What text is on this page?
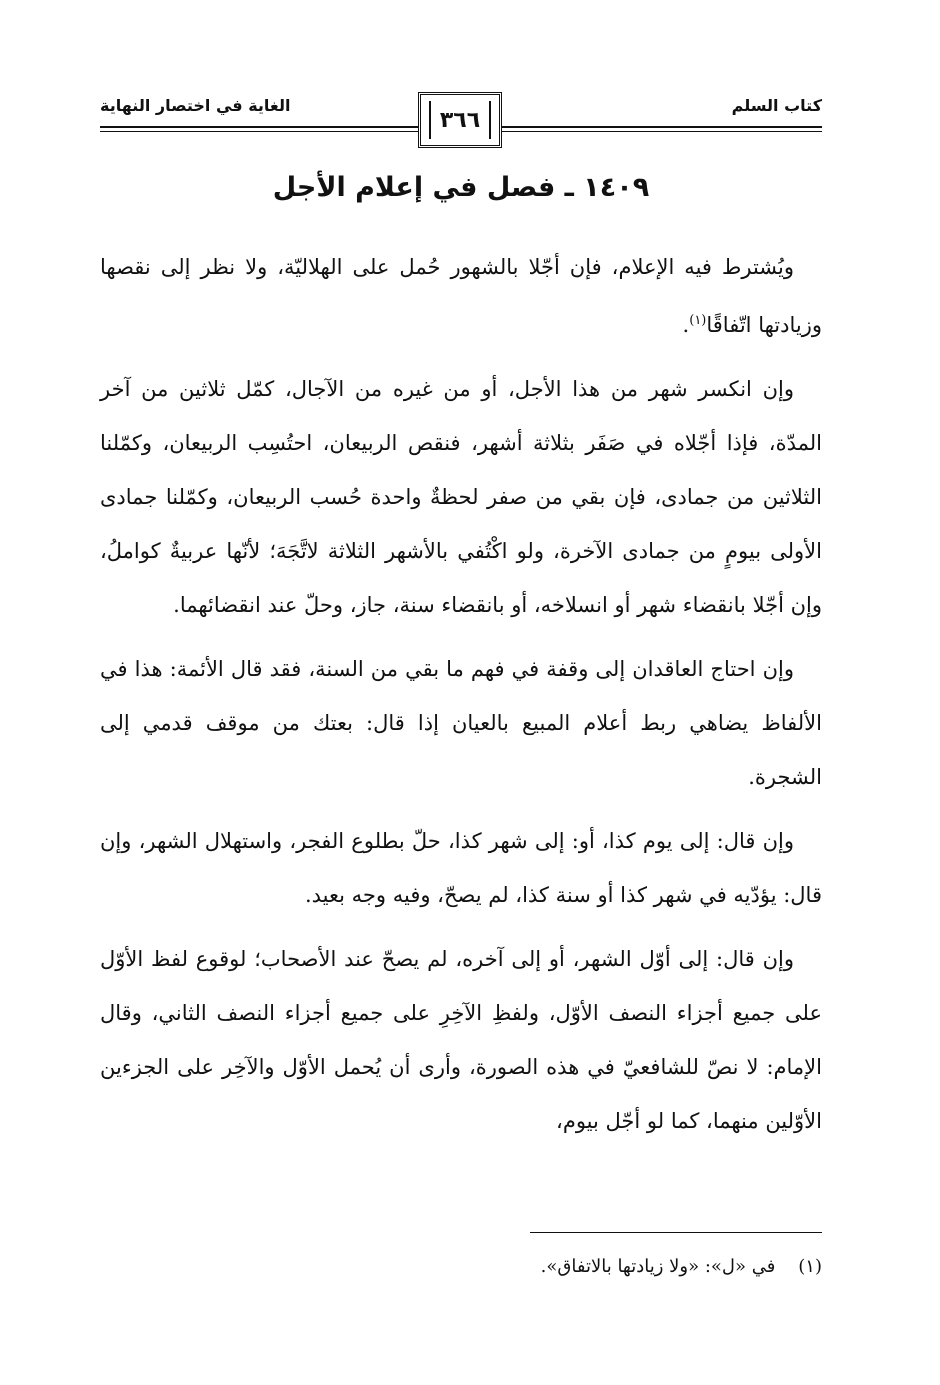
كتاب السلم
الغاية في اختصار النهاية
٣٦٦
١٤٠٩ ـ فصل في إعلام الأجل

ويُشترط فيه الإعلام، فإن أجّلا بالشهور حُمل على الهلاليّة، ولا نظر إلى نقصها وزيادتها اتّفاقًا$^{(١)}$.

وإن انكسر شهر من هذا الأجل، أو من غيره من الآجال، كمّل ثلاثين من آخر المدّة، فإذا أجّلاه في صَفَر بثلاثة أشهر، فنقص الربيعان، احتُسِب الربيعان، وكمّلنا الثلاثين من جمادى، فإن بقي من صفر لحظةٌ واحدة حُسب الربيعان، وكمّلنا جمادى الأولى بيومٍ من جمادى الآخرة، ولو اكْتُفي بالأشهر الثلاثة لاتَّجَهَ؛ لأنّها عربيةٌ كواملُ، وإن أجّلا بانقضاء شهر أو انسلاخه، أو بانقضاء سنة، جاز، وحلّ عند انقضائهما.

وإن احتاج العاقدان إلى وقفة في فهم ما بقي من السنة، فقد قال الأئمة: هذا في الألفاظ يضاهي ربط أعلام المبيع بالعيان إذا قال: بعتك من موقف قدمي إلى الشجرة.

وإن قال: إلى يوم كذا، أو: إلى شهر كذا، حلّ بطلوع الفجر، واستهلال الشهر، وإن قال: يؤدّيه في شهر كذا أو سنة كذا، لم يصحّ، وفيه وجه بعيد.

وإن قال: إلى أوّل الشهر، أو إلى آخره، لم يصحّ عند الأصحاب؛ لوقوع لفظ الأوّل على جميع أجزاء النصف الأوّل، ولفظِ الآخِرِ على جميع أجزاء النصف الثاني، وقال الإمام: لا نصّ للشافعيّ في هذه الصورة، وأرى أن يُحمل الأوّل والآخِر على الجزءين الأوّلين منهما، كما لو أجّل بيوم،

(١)    في «ل»: «ولا زيادتها بالاتفاق».
